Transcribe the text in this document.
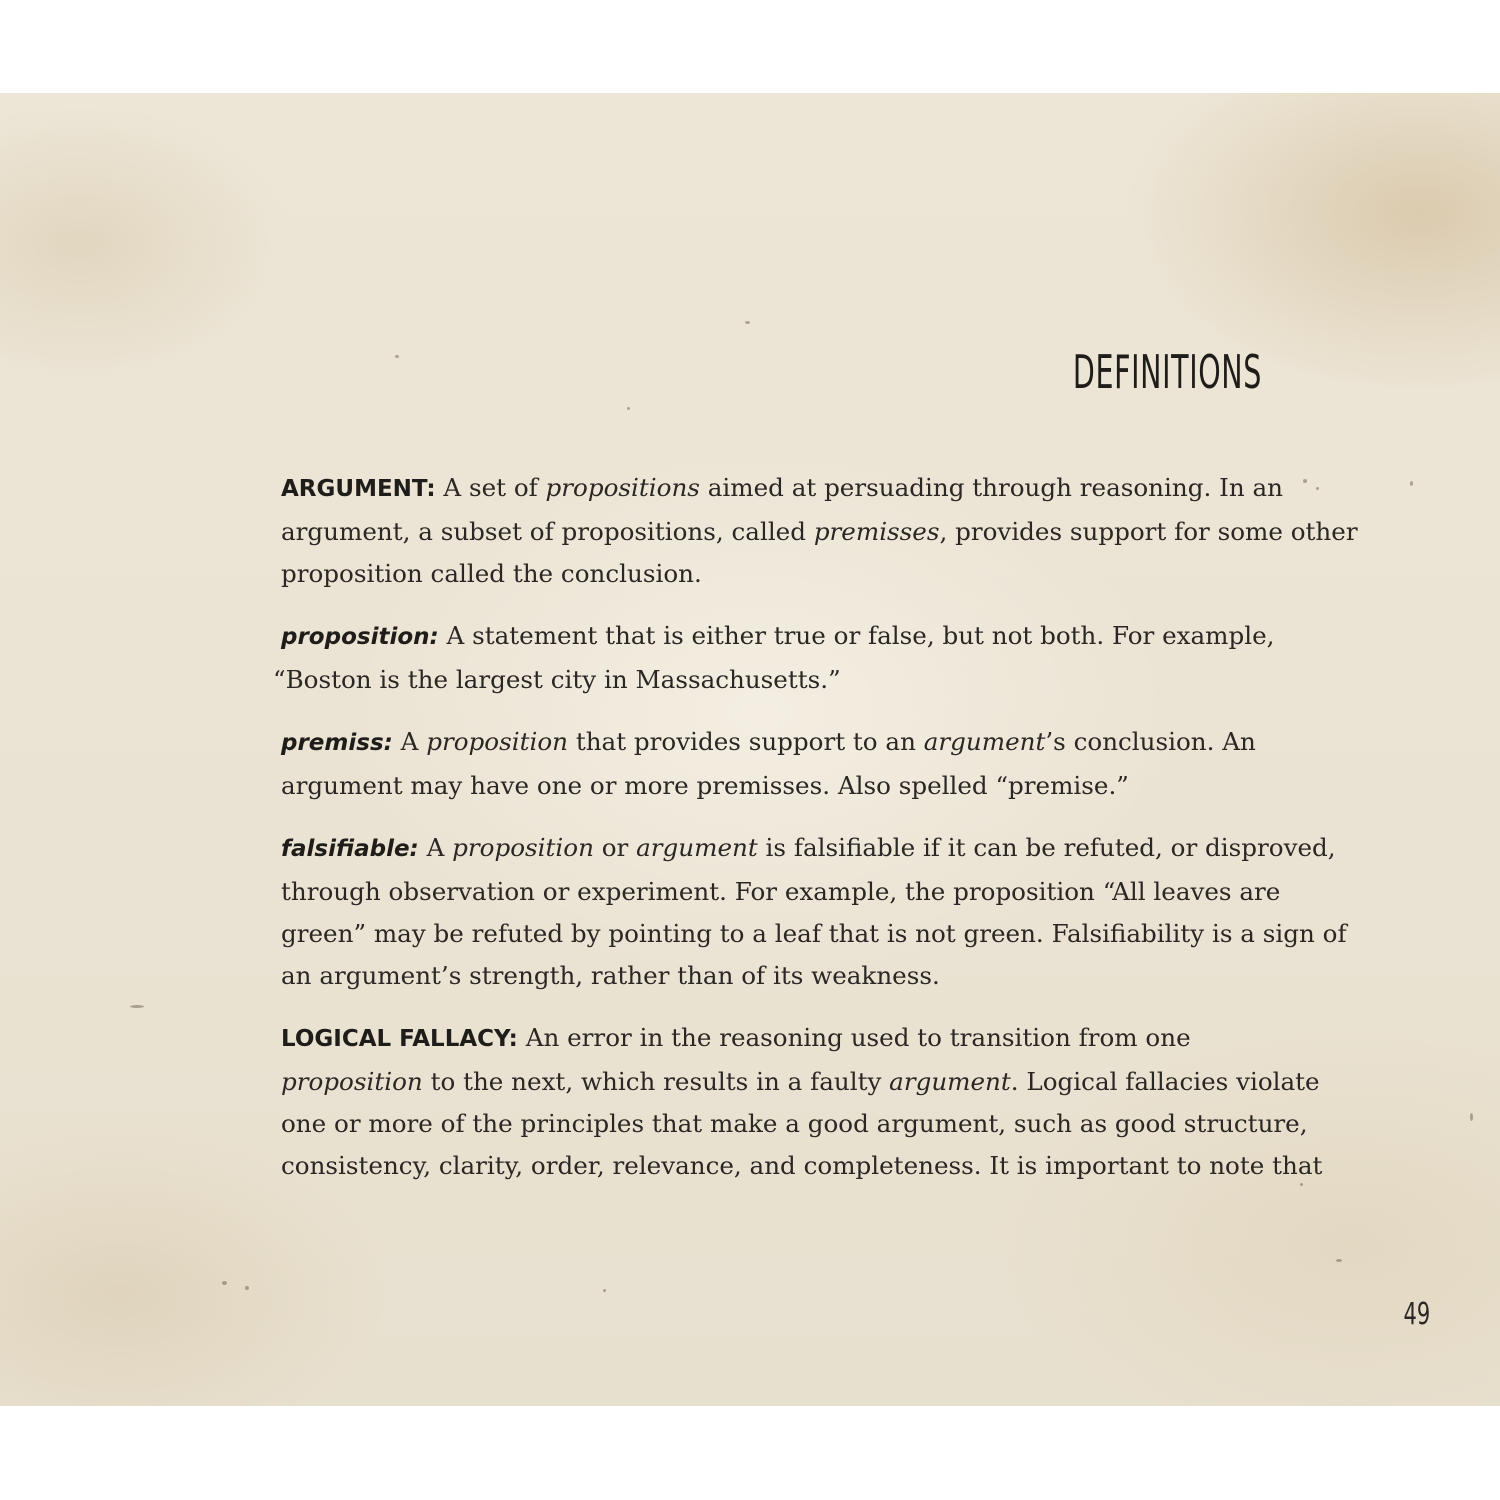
DEFINITIONS

ARGUMENT: A set of propositions aimed at persuading through reasoning. In an
argument, a subset of propositions, called premisses, provides support for some other
proposition called the conclusion.

proposition: A statement that is either true or false, but not both. For example,
“Boston is the largest city in Massachusetts.”

premiss: A proposition that provides support to an argument’s conclusion. An
argument may have one or more premisses. Also spelled “premise.”

falsifiable: A proposition or argument is falsifiable if it can be refuted, or disproved,
through observation or experiment. For example, the proposition “All leaves are
green” may be refuted by pointing to a leaf that is not green. Falsifiability is a sign of
an argument’s strength, rather than of its weakness.

LOGICAL FALLACY: An error in the reasoning used to transition from one
proposition to the next, which results in a faulty argument. Logical fallacies violate
one or more of the principles that make a good argument, such as good structure,
consistency, clarity, order, relevance, and completeness. It is important to note that

49
